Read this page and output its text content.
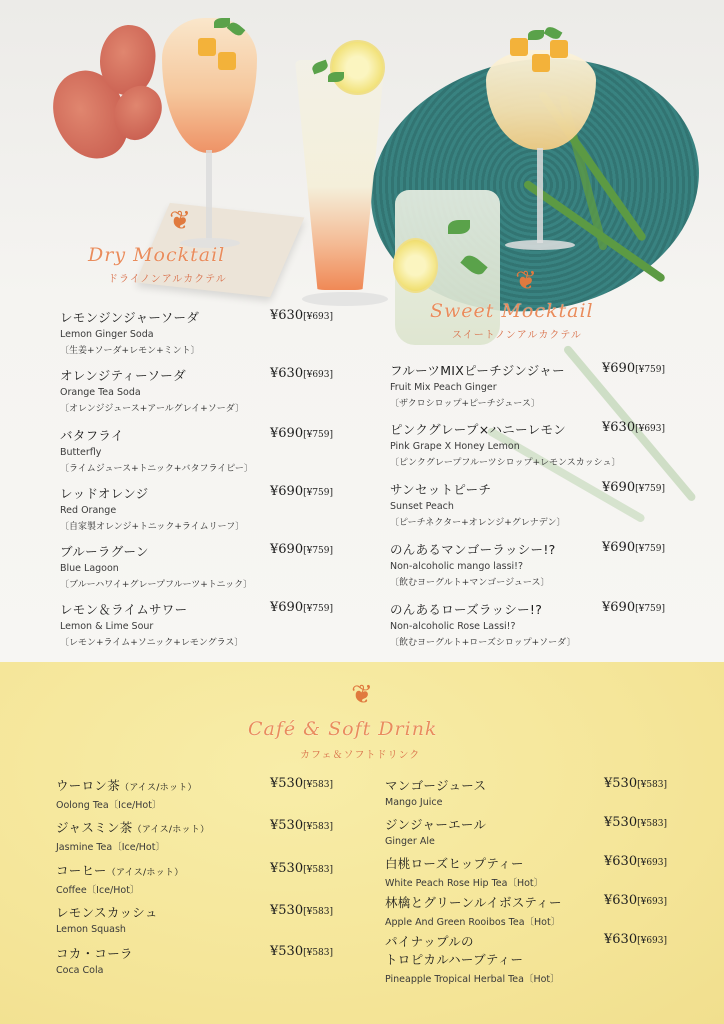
❦
Dry Mocktail
ドライノンアルカクテル	❦
Sweet Mocktail
スイートノンアルカクテル
レモンジンジャーソーダ
Lemon Ginger Soda
〔生姜+ソーダ+レモン+ミント〕
¥630[¥693]
オレンジティーソーダ
Orange Tea Soda
〔オレンジジュース+アールグレイ+ソーダ〕
¥630[¥693]
バタフライ
Butterfly
〔ライムジュース+トニック+バタフライピー〕
¥690[¥759]
レッドオレンジ
Red Orange
〔自家製オレンジ+トニック+ライムリーフ〕
¥690[¥759]
ブルーラグーン
Blue Lagoon
〔ブルーハワイ+グレープフルーツ+トニック〕
¥690[¥759]
レモン＆ライムサワー
Lemon & Lime Sour
〔レモン+ライム+ソニック+レモングラス〕
¥690[¥759]
フルーツMIXピーチジンジャー
Fruit Mix Peach Ginger
〔ザクロシロップ+ピーチジュース〕
¥690[¥759]
ピンクグレープ×ハニーレモン
Pink Grape X Honey Lemon
〔ピンクグレープフルーツシロップ+レモンスカッシュ〕
¥630[¥693]
サンセットピーチ
Sunset Peach
〔ピーチネクター+オレンジ+グレナデン〕
¥690[¥759]
のんあるマンゴーラッシー!?
Non-alcoholic mango lassi!?
〔飲むヨーグルト+マンゴージュース〕
¥690[¥759]
のんあるローズラッシー!?
Non-alcoholic Rose Lassi!?
〔飲むヨーグルト+ローズシロップ+ソーダ〕
¥690[¥759]
❦
Café & Soft Drink
カフェ＆ソフトドリンク
ウーロン茶（アイス/ホット）
Oolong Tea〔Ice/Hot〕
¥530[¥583]
ジャスミン茶（アイス/ホット）
Jasmine Tea〔Ice/Hot〕
¥530[¥583]
コーヒー（アイス/ホット）
Coffee〔Ice/Hot〕
¥530[¥583]
レモンスカッシュ
Lemon Squash
¥530[¥583]
コカ・コーラ
Coca Cola
¥530[¥583]
マンゴージュース
Mango Juice
¥530[¥583]
ジンジャーエール
Ginger Ale
¥530[¥583]
白桃ローズヒップティー
White Peach Rose Hip Tea〔Hot〕
¥630[¥693]
林檎とグリーンルイボスティー
Apple And Green Rooibos Tea〔Hot〕
¥630[¥693]
パイナップルの
トロピカルハーブティー
Pineapple Tropical Herbal Tea〔Hot〕
¥630[¥693]
